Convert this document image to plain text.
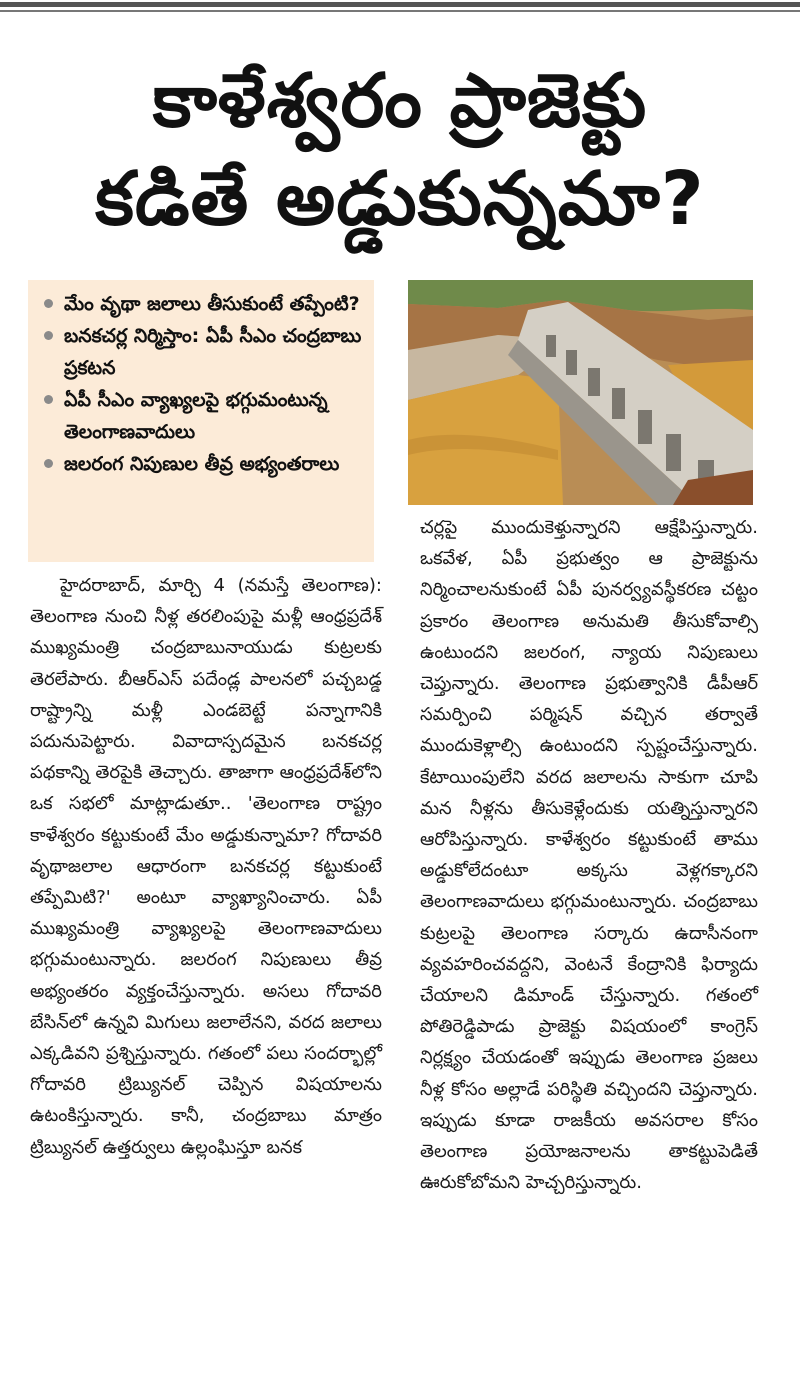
కాళేశ్వరం ప్రాజెక్టు
కడితే అడ్డుకున్నమా?
మేం వృథా జలాలు తీసుకుంటే తప్పేంటి?
బనకచర్ల నిర్మిస్తాం: ఏపీ సీఎం చంద్రబాబు ప్రకటన
ఏపీ సీఎం వ్యాఖ్యలపై భగ్గుమంటున్న తెలంగాణవాదులు
జలరంగ నిపుణుల తీవ్ర అభ్యంతరాలు

హైదరాబాద్, మార్చి 4 (నమస్తే తెలంగాణ): తెలంగాణ నుంచి నీళ్ల తరలింపుపై మళ్లీ ఆంధ్రప్రదేశ్ ముఖ్యమంత్రి చంద్రబాబునాయుడు కుట్రలకు తెరలేపారు. బీఆర్ఎస్ పదేండ్ల పాలనలో పచ్చబడ్డ రాష్ట్రాన్ని మళ్లీ ఎండబెట్టే పన్నాగానికి పదునుపెట్టారు. వివాదాస్పదమైన బనకచర్ల పథకాన్ని తెరపైకి తెచ్చారు. తాజాగా ఆంధ్రప్రదేశ్‌లోని ఒక సభలో మాట్లాడుతూ.. 'తెలంగాణ రాష్ట్రం కాళేశ్వరం కట్టుకుంటే మేం అడ్డుకున్నామా? గోదావరి వృథాజలాల ఆధారంగా బనకచర్ల కట్టుకుంటే తప్పేమిటి?' అంటూ వ్యాఖ్యానించారు. ఏపీ ముఖ్యమంత్రి వ్యాఖ్యలపై తెలంగాణవాదులు భగ్గుమంటున్నారు. జలరంగ నిపుణులు తీవ్ర అభ్యంతరం వ్యక్తంచేస్తున్నారు. అసలు గోదావరి బేసిన్‌లో ఉన్నవి మిగులు జలాలేనని, వరద జలాలు ఎక్కడివని ప్రశ్నిస్తున్నారు. గతంలో పలు సందర్భాల్లో గోదావరి ట్రిబ్యునల్ చెప్పిన విషయాలను ఉటంకిస్తున్నారు. కానీ, చంద్రబాబు మాత్రం ట్రిబ్యునల్ ఉత్తర్వులు ఉల్లంఘిస్తూ బనక

చర్లపై ముందుకెళ్తున్నారని ఆక్షేపిస్తున్నారు. ఒకవేళ, ఏపీ ప్రభుత్వం ఆ ప్రాజెక్టును నిర్మించాలనుకుంటే ఏపీ పునర్వ్యవస్థీకరణ చట్టం ప్రకారం తెలంగాణ అనుమతి తీసుకోవాల్సి ఉంటుందని జలరంగ, న్యాయ నిపుణులు చెప్తున్నారు. తెలంగాణ ప్రభుత్వానికి డీపీఆర్ సమర్పించి పర్మిషన్ వచ్చిన తర్వాతే ముందుకెళ్లాల్సి ఉంటుందని స్పష్టంచేస్తున్నారు. కేటాయింపులేని వరద జలాలను సాకుగా చూపి మన నీళ్లను తీసుకెళ్లేందుకు యత్నిస్తున్నారని ఆరోపిస్తున్నారు. కాళేశ్వరం కట్టుకుంటే తాము అడ్డుకోలేదంటూ అక్కసు వెళ్లగక్కారని తెలంగాణవాదులు భగ్గుమంటున్నారు. చంద్రబాబు కుట్రలపై తెలంగాణ సర్కారు ఉదాసీనంగా వ్యవహరించవద్దని, వెంటనే కేంద్రానికి ఫిర్యాదు చేయాలని డిమాండ్ చేస్తున్నారు. గతంలో పోతిరెడ్డిపాడు ప్రాజెక్టు విషయంలో కాంగ్రెస్ నిర్లక్ష్యం చేయడంతో ఇప్పుడు తెలంగాణ ప్రజలు నీళ్ల కోసం అల్లాడే పరిస్థితి వచ్చిందని చెప్తున్నారు. ఇప్పుడు కూడా రాజకీయ అవసరాల కోసం తెలంగాణ ప్రయోజనాలను తాకట్టుపెడితే ఊరుకోబోమని హెచ్చరిస్తున్నారు.
